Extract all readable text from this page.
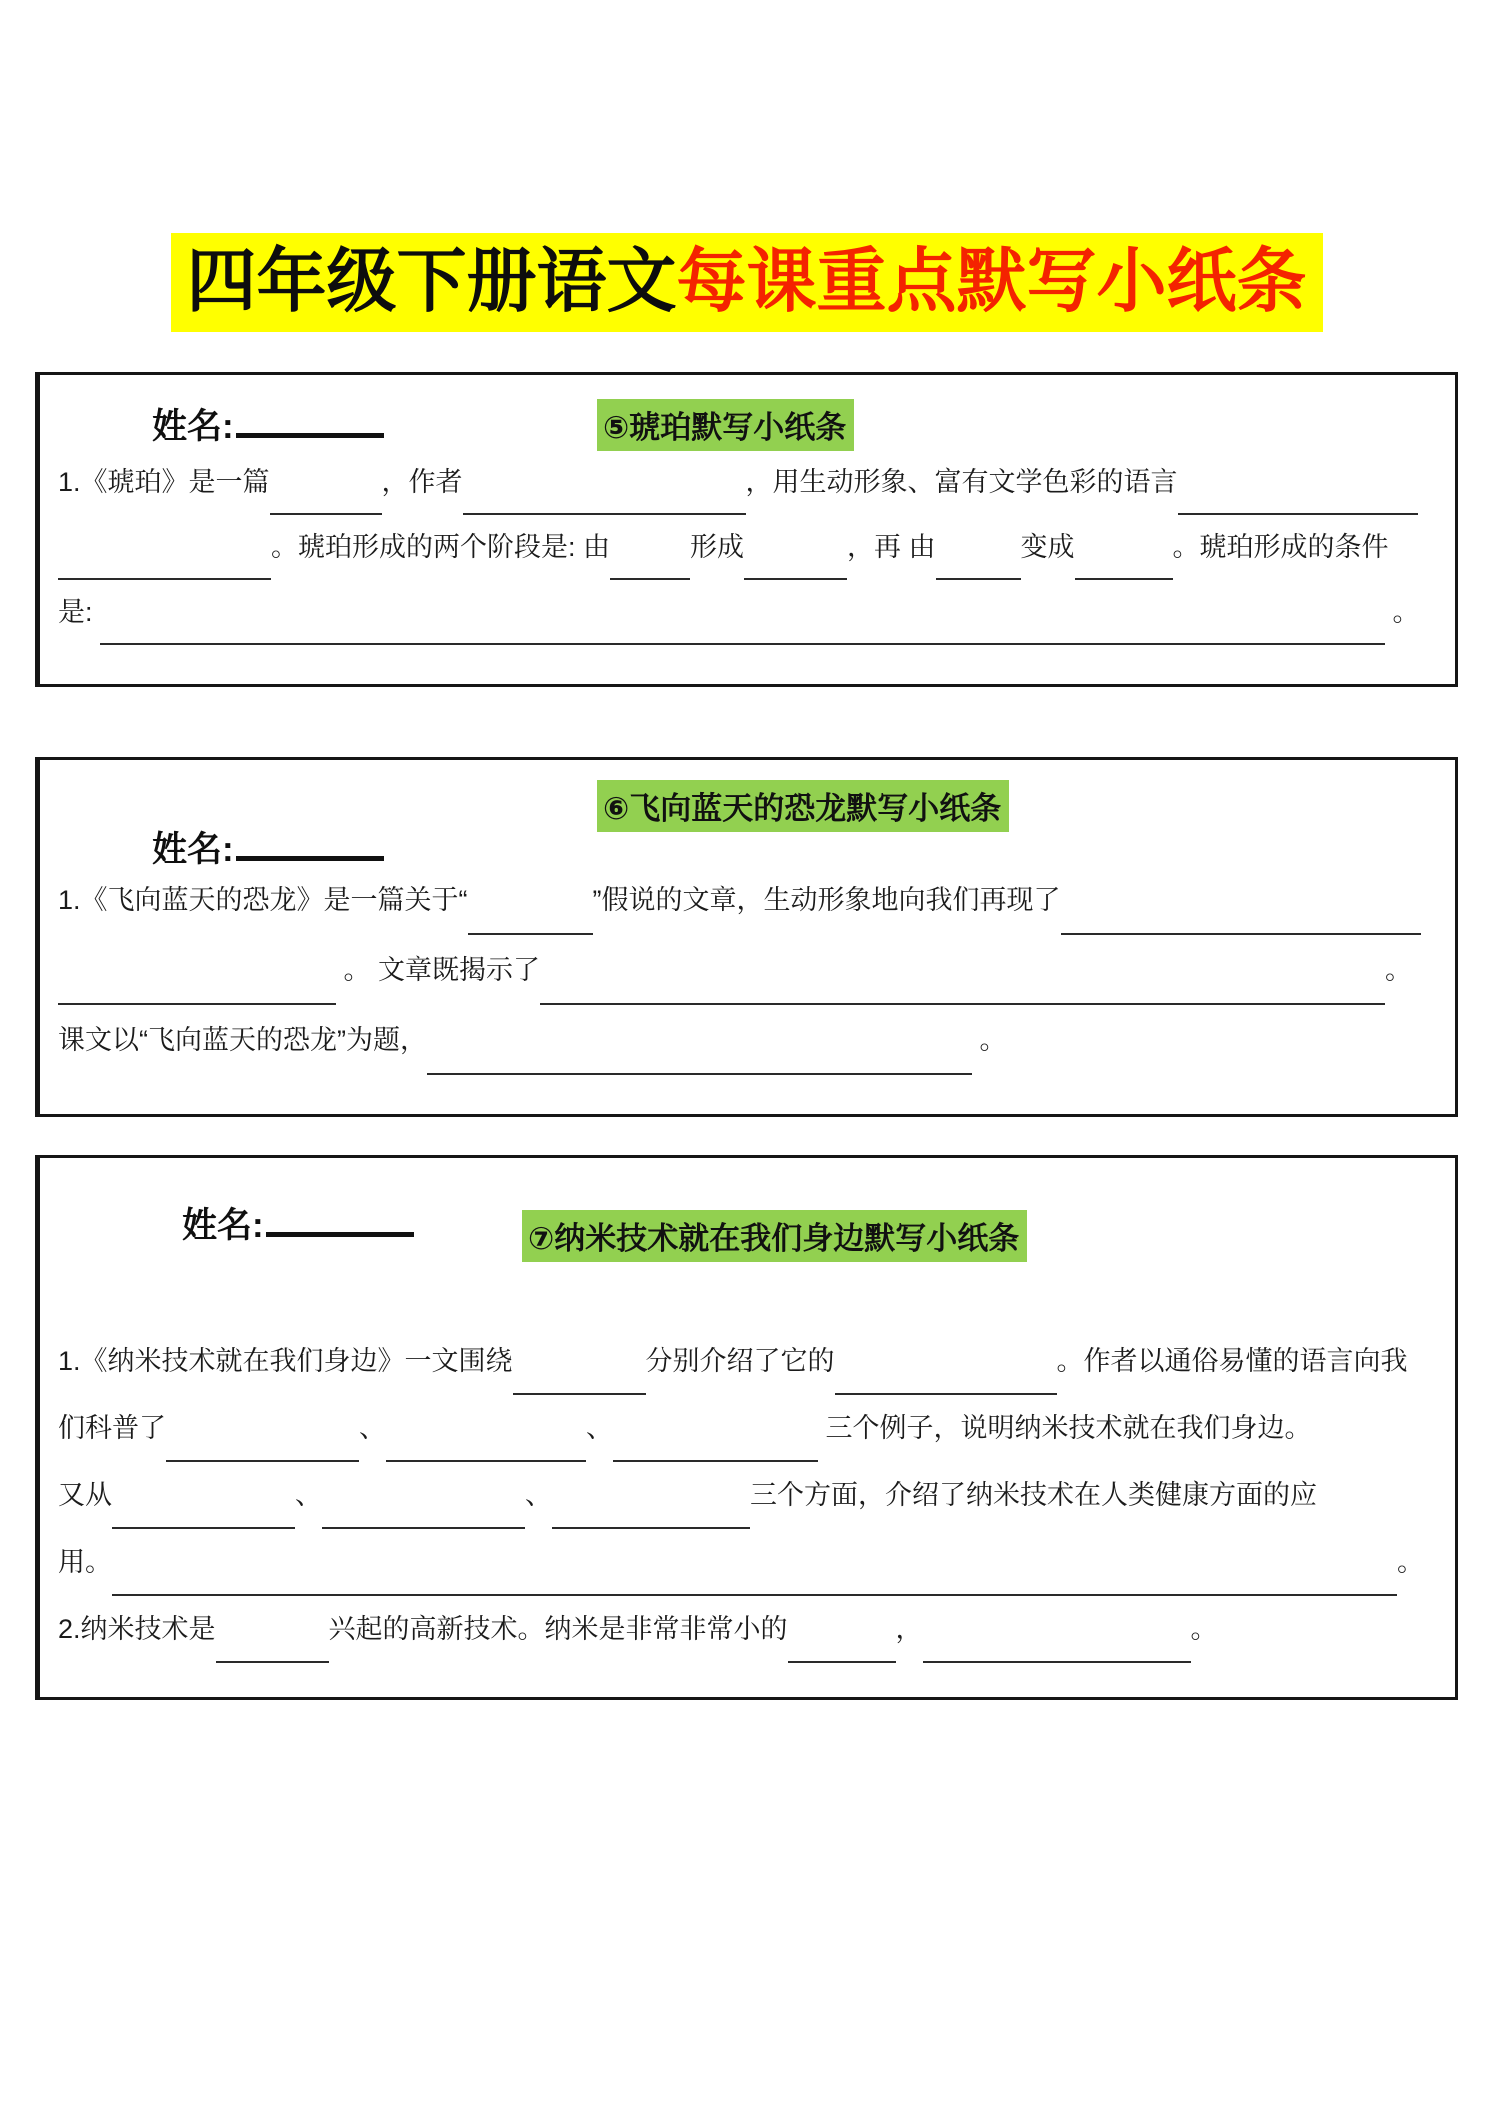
四年级下册语文每课重点默写小纸条
姓名:	⑤琥珀默写小纸条
1.《琥珀》是一篇	，作者	，用生动形象、富有文学色彩的语言
。琥珀形成的两个阶段是: 由	形成	，再 由	变成	。琥珀形成的条件
是:	。
⑥飞向蓝天的恐龙默写小纸条
姓名:
1.《飞向蓝天的恐龙》是一篇关于“	”假说的文章，生动形象地向我们再现了
。 文章既揭示了	。
课文以“飞向蓝天的恐龙”为题，	。
姓名:	⑦纳米技术就在我们身边默写小纸条
1.《纳米技术就在我们身边》一文围绕	分别介绍了它的	。作者以通俗易懂的语言向我
们科普了	、	、	三个例子，说明纳米技术就在我们身边。
又从	、	、	三个方面，介绍了纳米技术在人类健康方面的应
用。	。
2.纳米技术是	兴起的高新技术。纳米是非常非常小的	，	。
